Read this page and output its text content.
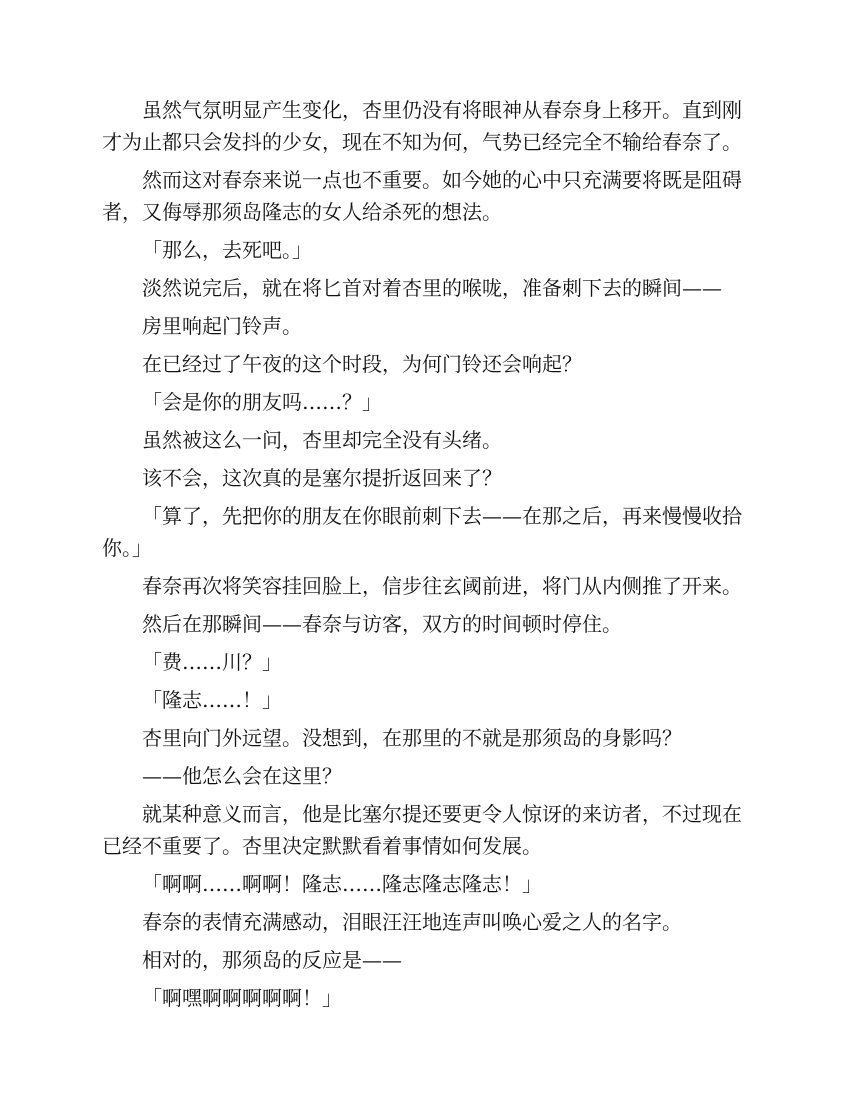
虽然气氛明显产生变化，杏里仍没有将眼神从春奈身上移开。直到刚才为止都只会发抖的少女，现在不知为何，气势已经完全不输给春奈了。

然而这对春奈来说一点也不重要。如今她的心中只充满要将既是阻碍者，又侮辱那须岛隆志的女人给杀死的想法。

「那么，去死吧。」

淡然说完后，就在将匕首对着杏里的喉咙，准备刺下去的瞬间——

房里响起门铃声。

在已经过了午夜的这个时段，为何门铃还会响起？

「会是你的朋友吗……？」

虽然被这么一问，杏里却完全没有头绪。

该不会，这次真的是塞尔提折返回来了？

「算了，先把你的朋友在你眼前刺下去——在那之后，再来慢慢收拾你。」

春奈再次将笑容挂回脸上，信步往玄阈前进，将门从内侧推了开来。

然后在那瞬间——春奈与访客，双方的时间顿时停住。

「费……川？」

「隆志……！」

杏里向门外远望。没想到，在那里的不就是那须岛的身影吗？

——他怎么会在这里？

就某种意义而言，他是比塞尔提还要更令人惊讶的来访者，不过现在已经不重要了。杏里决定默默看着事情如何发展。

「啊啊……啊啊！隆志……隆志隆志隆志！」

春奈的表情充满感动，泪眼汪汪地连声叫唤心爱之人的名字。

相对的，那须岛的反应是——

「啊嘿啊啊啊啊啊！」
